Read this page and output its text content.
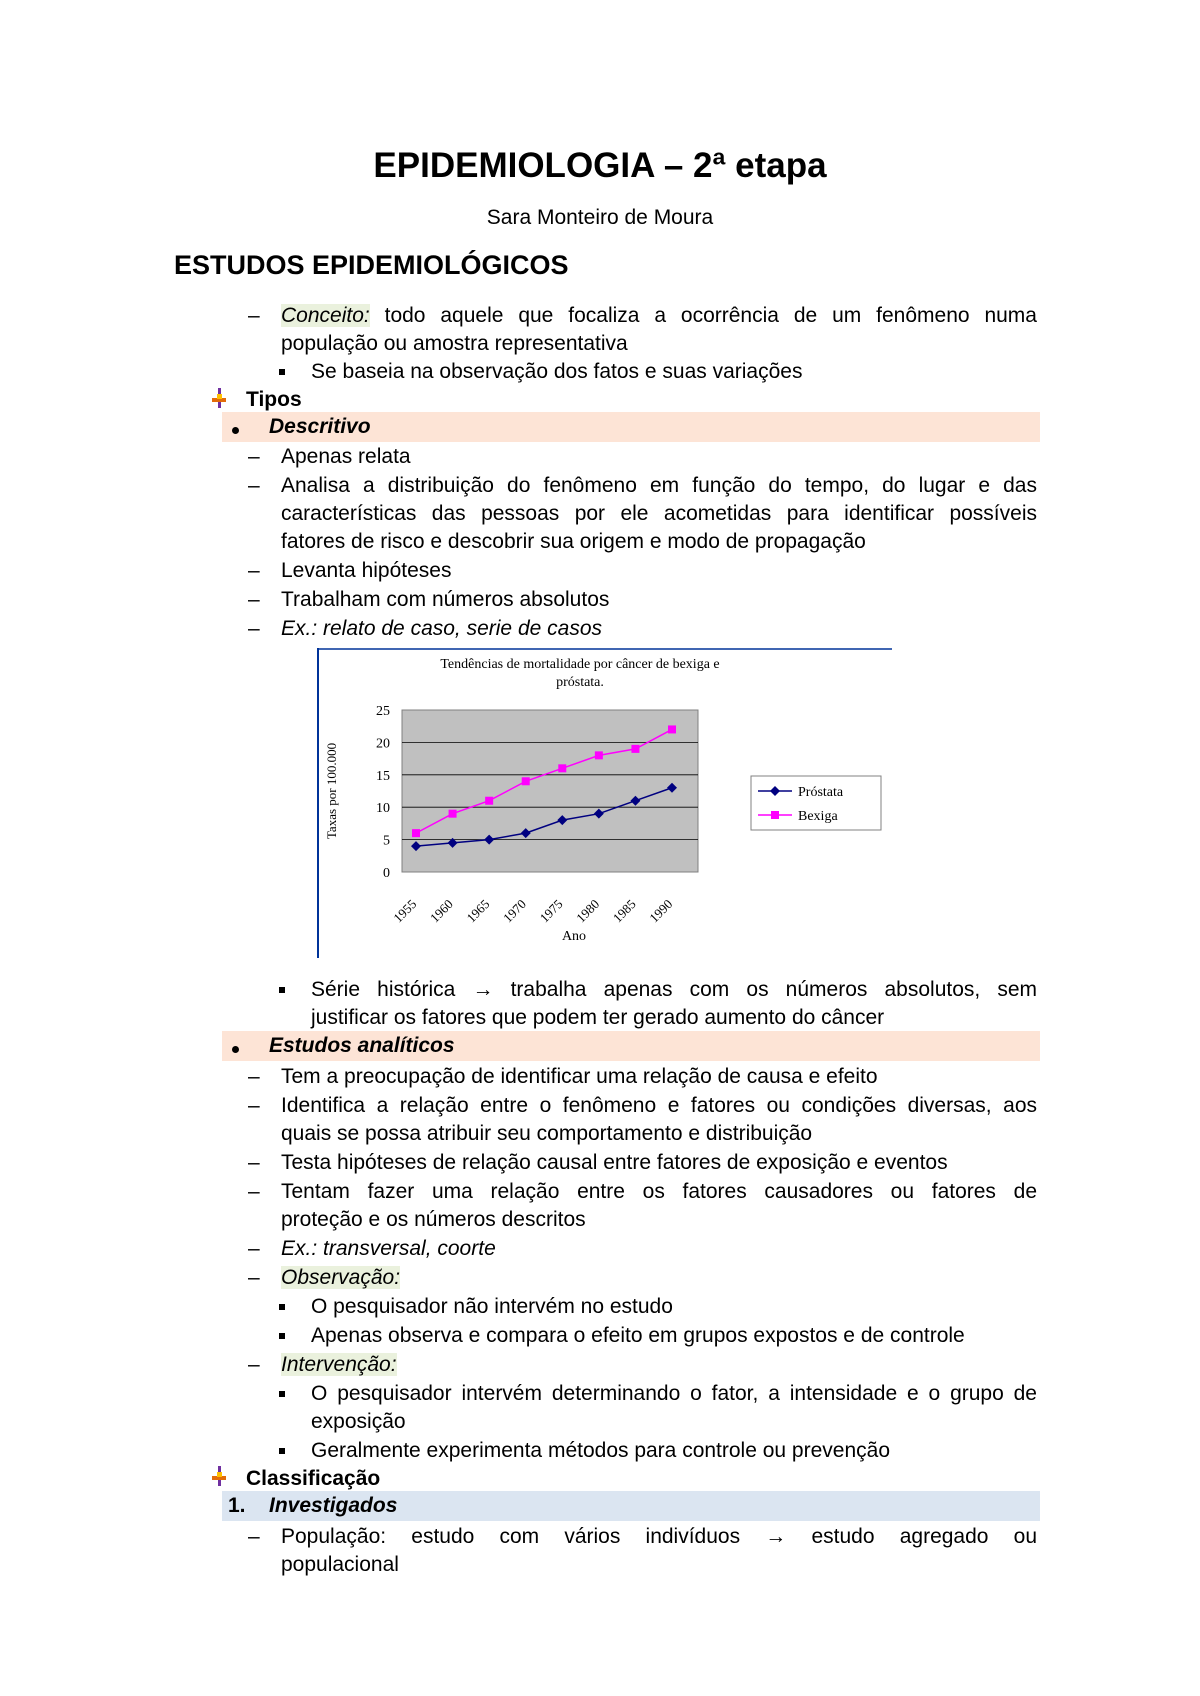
EPIDEMIOLOGIA – 2ª etapa
Sara Monteiro de Moura
ESTUDOS EPIDEMIOLÓGICOS
– Conceito: todo aquele que focaliza a ocorrência de um fenômeno numa
população ou amostra representativa
Se baseia na observação dos fatos e suas variações
Tipos
Descritivo
– Apenas relata
– Analisa a distribuição do fenômeno em função do tempo, do lugar e das
características das pessoas por ele acometidas para identificar possíveis
fatores de risco e descobrir sua origem e modo de propagação
– Levanta hipóteses
– Trabalham com números absolutos
– Ex.: relato de caso, serie de casos
Tendências de mortalidade por câncer de bexiga e
próstata.
0
5
10
15
20
25
1955 1960 1965 1970 1975 1980 1985 1990
Taxas por 100.000
Ano
Próstata
Bexiga
Série histórica → trabalha apenas com os números absolutos, sem
justificar os fatores que podem ter gerado aumento do câncer
Estudos analíticos
– Tem a preocupação de identificar uma relação de causa e efeito
– Identifica a relação entre o fenômeno e fatores ou condições diversas, aos
quais se possa atribuir seu comportamento e distribuição
– Testa hipóteses de relação causal entre fatores de exposição e eventos
– Tentam fazer uma relação entre os fatores causadores ou fatores de
proteção e os números descritos
– Ex.: transversal, coorte
– Observação:
O pesquisador não intervém no estudo
Apenas observa e compara o efeito em grupos expostos e de controle
– Intervenção:
O pesquisador intervém determinando o fator, a intensidade e o grupo de
exposição
Geralmente experimenta métodos para controle ou prevenção
Classificação
1. Investigados
– População: estudo com vários indivíduos → estudo agregado ou
populacional
